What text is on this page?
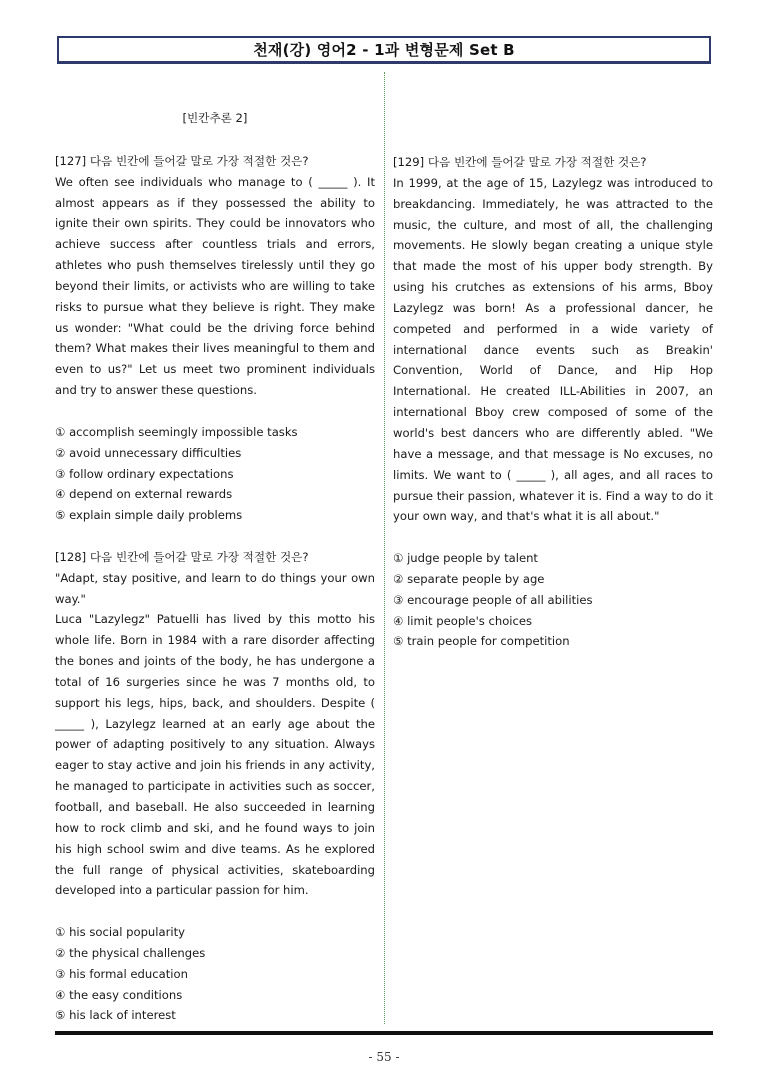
천재(강) 영어2 - 1과 변형문제 Set B
[빈칸추론 2]
[127] 다음 빈칸에 들어갈 말로 가장 적절한 것은?
We often see individuals who manage to ( _____ ). It almost appears as if they possessed the ability to ignite their own spirits. They could be innovators who achieve success after countless trials and errors, athletes who push themselves tirelessly until they go beyond their limits, or activists who are willing to take risks to pursue what they believe is right. They make us wonder: "What could be the driving force behind them? What makes their lives meaningful to them and even to us?" Let us meet two prominent individuals and try to answer these questions.
① accomplish seemingly impossible tasks
② avoid unnecessary difficulties
③ follow ordinary expectations
④ depend on external rewards
⑤ explain simple daily problems
[128] 다음 빈칸에 들어갈 말로 가장 적절한 것은?
"Adapt, stay positive, and learn to do things your own way."
Luca "Lazylegz" Patuelli has lived by this motto his whole life. Born in 1984 with a rare disorder affecting the bones and joints of the body, he has undergone a total of 16 surgeries since he was 7 months old, to support his legs, hips, back, and shoulders. Despite ( _____ ), Lazylegz learned at an early age about the power of adapting positively to any situation. Always eager to stay active and join his friends in any activity, he managed to participate in activities such as soccer, football, and baseball. He also succeeded in learning how to rock climb and ski, and he found ways to join his high school swim and dive teams. As he explored the full range of physical activities, skateboarding developed into a particular passion for him.
① his social popularity
② the physical challenges
③ his formal education
④ the easy conditions
⑤ his lack of interest
[129] 다음 빈칸에 들어갈 말로 가장 적절한 것은?
In 1999, at the age of 15, Lazylegz was introduced to breakdancing. Immediately, he was attracted to the music, the culture, and most of all, the challenging movements. He slowly began creating a unique style that made the most of his upper body strength. By using his crutches as extensions of his arms, Bboy Lazylegz was born! As a professional dancer, he competed and performed in a wide variety of international dance events such as Breakin' Convention, World of Dance, and Hip Hop International. He created ILL-Abilities in 2007, an international Bboy crew composed of some of the world's best dancers who are differently abled. "We have a message, and that message is No excuses, no limits. We want to ( _____ ), all ages, and all races to pursue their passion, whatever it is. Find a way to do it your own way, and that's what it is all about."
① judge people by talent
② separate people by age
③ encourage people of all abilities
④ limit people's choices
⑤ train people for competition
- 55 -
